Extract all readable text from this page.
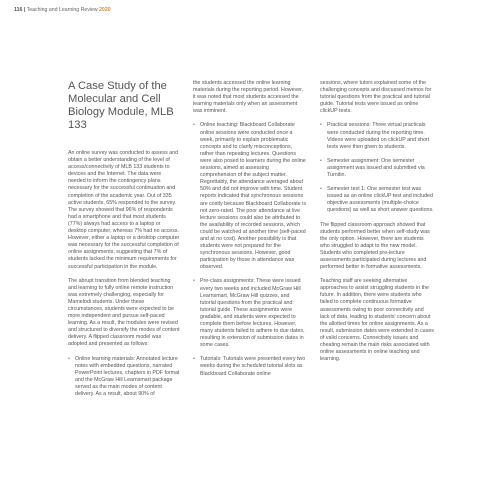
116 | Teaching and Learning Review 2020
A Case Study of the Molecular and Cell Biology Module, MLB 133

An online survey was conducted to assess and obtain a better understanding of the level of access/connectivity of MLB 133 students to devices and the Internet. The data were needed to inform the contingency plans necessary for the successful continuation and completion of the academic year. Out of 335 active students, 65% responded to the survey. The survey showed that 96% of respondents had a smartphone and that most students (77%) always had access to a laptop or desktop computer, whereas 7% had no access. However, either a laptop or a desktop computer was necessary for the successful completion of online assignments, suggesting that 7% of students lacked the minimum requirements for successful participation in the module.

The abrupt transition from blended teaching and learning to fully online remote instruction was extremely challenging, especially for Mamelodi students. Under these circumstances, students were expected to be more independent and pursue self-paced learning. As a result, the modules were revised and structured to diversify the modes of content delivery. A flipped classroom model was adopted and presented as follows:

• Online learning materials: Annotated lecture notes with embedded questions, narrated PowerPoint lectures, chapters in PDF format and the McGraw Hill Learnsmart package served as the main modes of content delivery. As a result, about 90% of

the students accessed the online learning materials during the reporting period. However, it was noted that most students accessed the learning materials only when an assessment was imminent.

• Online teaching: Blackboard Collaborate online sessions were conducted once a week, primarily to explain problematic concepts and to clarify misconceptions, rather than repeating lectures. Questions were also posed to learners during the online sessions, aimed at assessing comprehension of the subject matter. Regrettably, the attendance averaged about 50% and did not improve with time. Student reports indicated that synchronous sessions are costly because Blackboard Collaborate is not zero-rated. The poor attendance at live lecture sessions could also be attributed to the availability of recorded sessions, which could be watched at another time (self-paced and at no cost). Another possibility is that students were not prepared for the synchronous sessions. However, good participation by those in attendance was observed.
• Pre-class assignments: These were issued every two weeks and included McGraw Hill Learnsmart, McGraw Hill quizzes, and tutorial questions from the practical and tutorial guide. These assignments were gradable, and students were expected to complete them before lectures. However, many students failed to adhere to due dates, resulting in extension of submission dates in some cases.
• Tutorials: Tutorials were presented every two weeks during the scheduled tutorial slots as Blackboard Collaborate online

sessions, where tutors explained some of the challenging concepts and discussed memos for tutorial questions from the practical and tutorial guide. Tutorial tests were issued as online clickUP tests.

• Practical sessions: Three virtual practicals were conducted during the reporting time. Videos were uploaded on clickUP and short tests were then given to students.
• Semester assignment: One semester assignment was issued and submitted via Turnitin.
• Semester test 1: One semester test was issued as an online clickUP test and included objective assessments (multiple-choice questions) as well as short answer questions.

The flipped classroom approach showed that students performed better when self-study was the only option. However, there are students who struggled to adapt to the new model. Students who completed pre-lecture assessments participated during lectures and performed better in formative assessments.

Teaching staff are seeking alternative approaches to assist struggling students in the future. In addition, there were students who failed to complete continuous formative assessments owing to poor connectivity and lack of data, leading to students' concern about the allotted times for online assignments. As a result, submission dates were extended in cases of valid concerns. Connectivity issues and cheating remain the main risks associated with online assessments in online teaching and learning.
